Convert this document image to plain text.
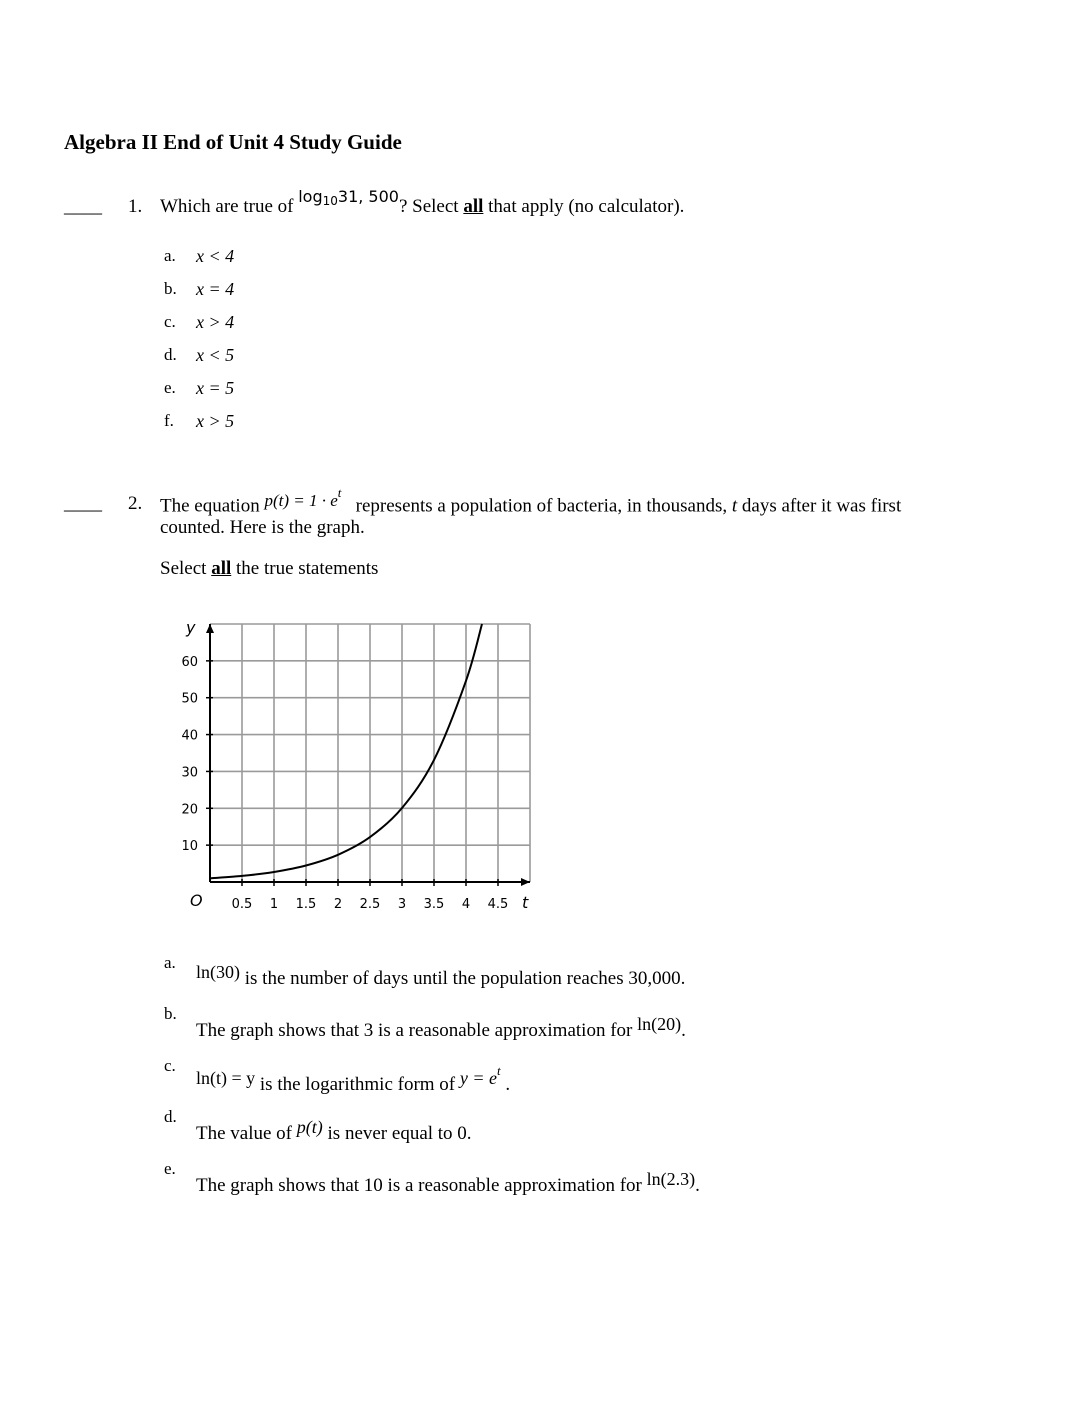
Algebra II End of Unit 4 Study Guide
____ 1. Which are true of $^{log1031, 500}$? Select all that apply (no calculator).
a. x < 4
b. x = 4
c. x > 4
d. x < 5
e. x = 5
f. x > 5
____ 2. The equation $p(t) = 1 \cdot e^t$   represents a population of bacteria, in thousands, t days after it was first
counted. Here is the graph.
Select all the true statements
0.5 1 1.5 2 2.5 3 3.5 4 4.5
10
20
30
40
50
60
y
t
O
a. ln(30) is the number of days until the population reaches 30,000.
b.
The graph shows that 3 is a reasonable approximation for ln(20).
c.
ln(t) = y is the logarithmic form of $y = e^t$ .
d.
The value of p(t) is never equal to 0.
e.
The graph shows that 10 is a reasonable approximation for ln(2.3).
